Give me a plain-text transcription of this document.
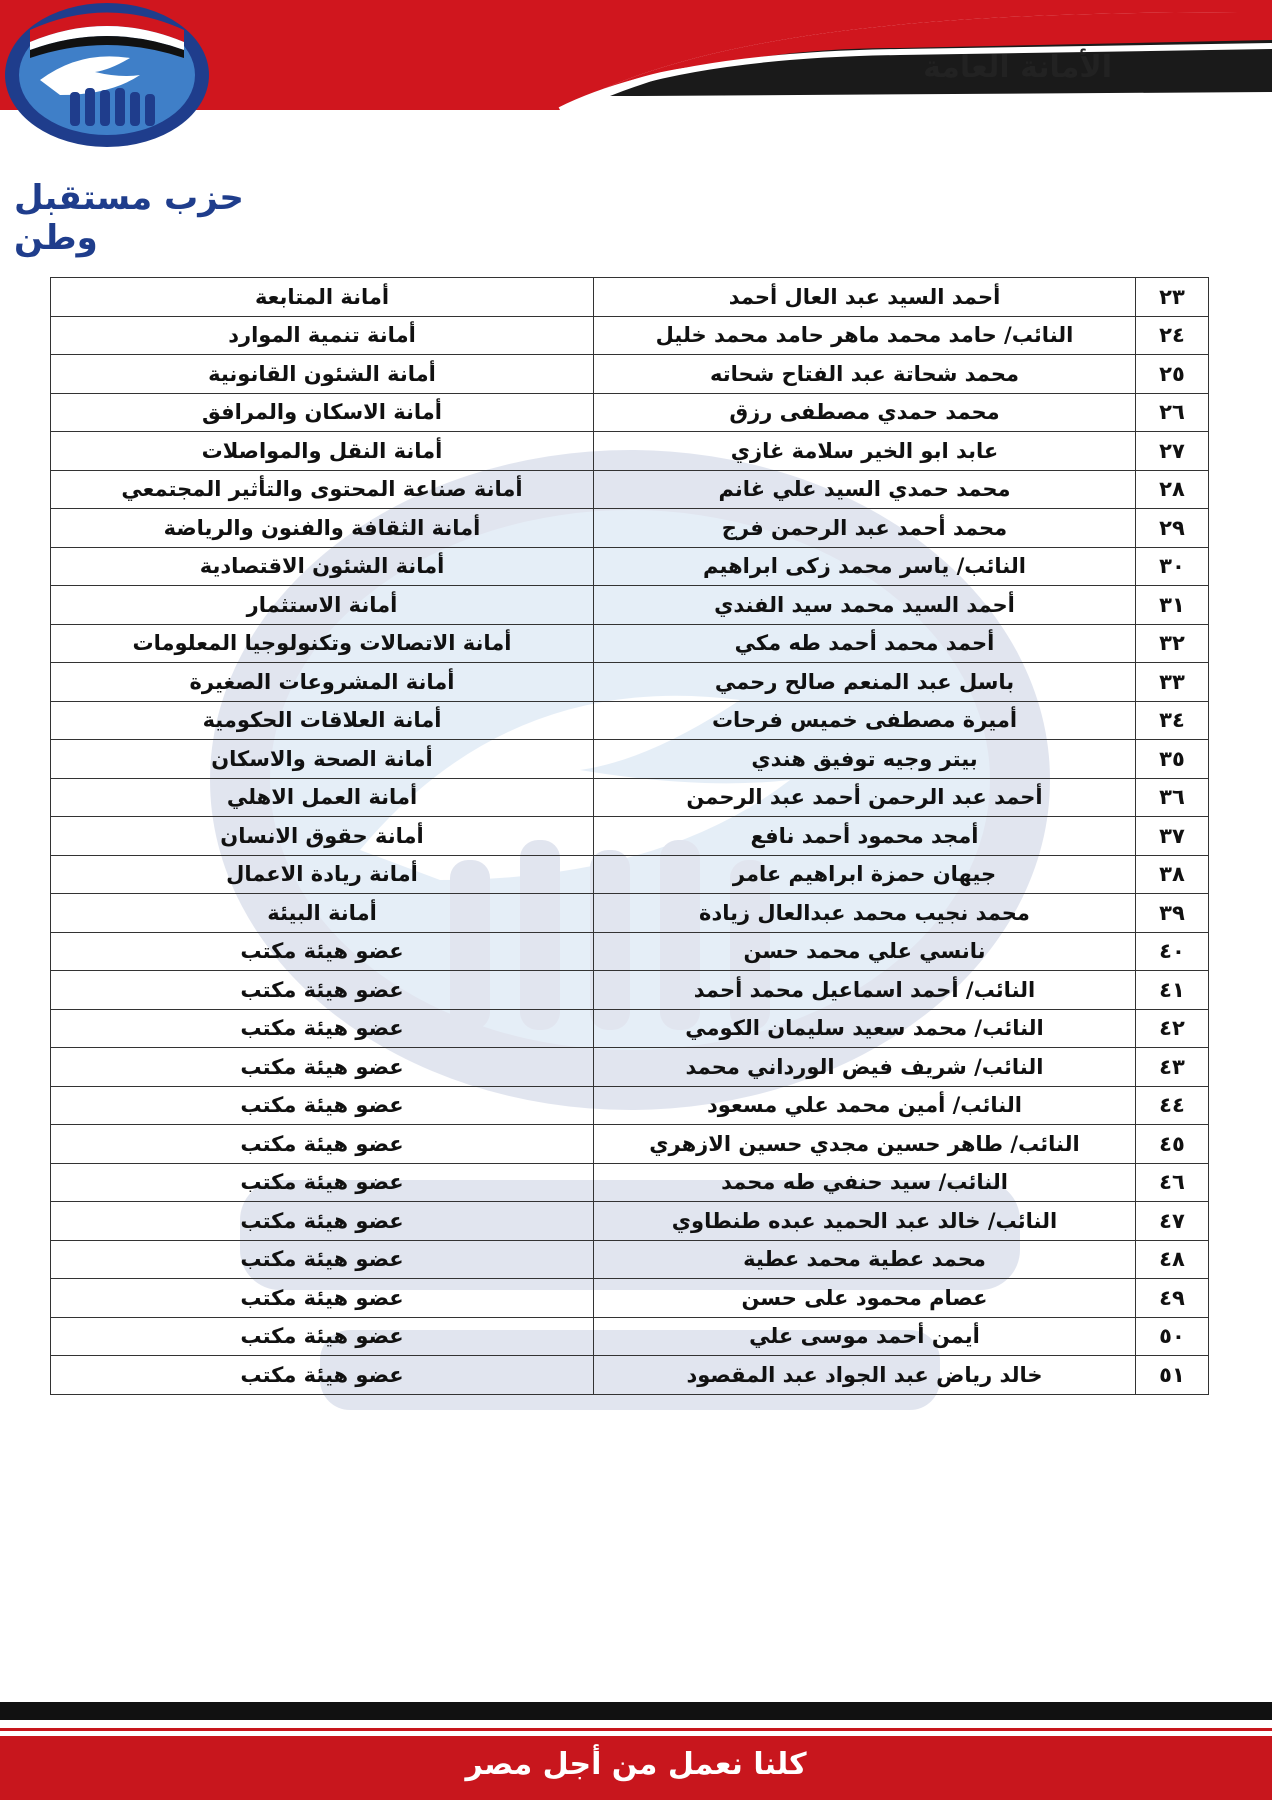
الأمانة العامة
حزب مستقبل وطن
٢٣	أحمد السيد عبد العال أحمد	أمانة المتابعة
٢٤	النائب/ حامد محمد ماهر حامد محمد خليل	أمانة تنمية الموارد
٢٥	محمد شحاتة عبد الفتاح شحاته	أمانة الشئون القانونية
٢٦	محمد حمدي مصطفى رزق	أمانة الاسكان والمرافق
٢٧	عابد ابو الخير سلامة غازي	أمانة النقل والمواصلات
٢٨	محمد حمدي السيد علي غانم	أمانة صناعة المحتوى والتأثير المجتمعي
٢٩	محمد أحمد عبد الرحمن فرج	أمانة الثقافة والفنون والرياضة
٣٠	النائب/ ياسر محمد زكى ابراهيم	أمانة الشئون الاقتصادية
٣١	أحمد السيد محمد سيد الفندي	أمانة الاستثمار
٣٢	أحمد محمد أحمد طه مكي	أمانة الاتصالات وتكنولوجيا المعلومات
٣٣	باسل عبد المنعم صالح رحمي	أمانة المشروعات الصغيرة
٣٤	أميرة مصطفى خميس فرحات	أمانة العلاقات الحكومية
٣٥	بيتر وجيه توفيق هندي	أمانة الصحة والاسكان
٣٦	أحمد عبد الرحمن أحمد عبد الرحمن	أمانة العمل الاهلي
٣٧	أمجد محمود أحمد نافع	أمانة حقوق الانسان
٣٨	جيهان حمزة ابراهيم عامر	أمانة ريادة الاعمال
٣٩	محمد نجيب محمد عبدالعال زيادة	أمانة البيئة
٤٠	نانسي علي محمد حسن	عضو هيئة مكتب
٤١	النائب/ أحمد اسماعيل محمد أحمد	عضو هيئة مكتب
٤٢	النائب/ محمد سعيد سليمان الكومي	عضو هيئة مكتب
٤٣	النائب/ شريف فيض الورداني محمد	عضو هيئة مكتب
٤٤	النائب/ أمين محمد علي مسعود	عضو هيئة مكتب
٤٥	النائب/ طاهر حسين مجدي حسين الازهري	عضو هيئة مكتب
٤٦	النائب/ سيد حنفي طه محمد	عضو هيئة مكتب
٤٧	النائب/ خالد عبد الحميد عبده طنطاوي	عضو هيئة مكتب
٤٨	محمد عطية محمد عطية	عضو هيئة مكتب
٤٩	عصام محمود على حسن	عضو هيئة مكتب
٥٠	أيمن أحمد موسى علي	عضو هيئة مكتب
٥١	خالد رياض عبد الجواد عبد المقصود	عضو هيئة مكتب
كلنا نعمل من أجل مصر
